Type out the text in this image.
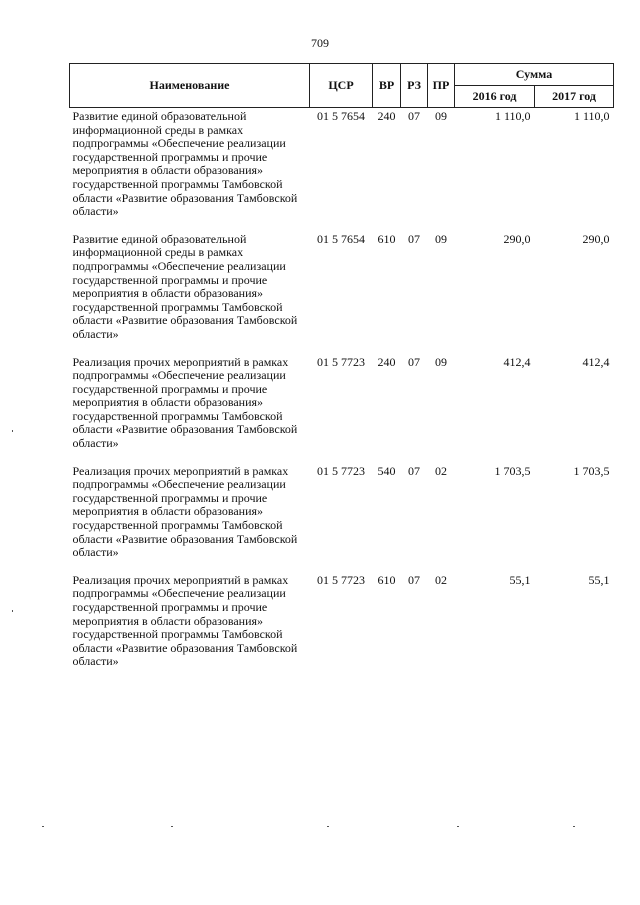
709
Наименование	ЦСР	ВР	РЗ	ПР	Сумма	
					2016 год	2017 год
Развитие единой образовательной информационной среды в рамках подпрограммы «Обеспечение реализации государственной программы и прочие мероприятия в области образования» государственной программы Тамбовской области «Развитие образования Тамбовской области»	01 5 7654	240	07	09	1 110,0	1 110,0
Развитие единой образовательной информационной среды в рамках подпрограммы «Обеспечение реализации государственной программы и прочие мероприятия в области образования» государственной программы Тамбовской области «Развитие образования Тамбовской области»	01 5 7654	610	07	09	290,0	290,0
Реализация прочих мероприятий в рамках подпрограммы «Обеспечение реализации государственной программы и прочие мероприятия в области образования» государственной программы Тамбовской области «Развитие образования Тамбовской области»	01 5 7723	240	07	09	412,4	412,4
Реализация прочих мероприятий в рамках подпрограммы «Обеспечение реализации государственной программы и прочие мероприятия в области образования» государственной программы Тамбовской области «Развитие образования Тамбовской области»	01 5 7723	540	07	02	1 703,5	1 703,5
Реализация прочих мероприятий в рамках подпрограммы «Обеспечение реализации государственной программы и прочие мероприятия в области образования» государственной программы Тамбовской области «Развитие образования Тамбовской области»	01 5 7723	610	07	02	55,1	55,1
